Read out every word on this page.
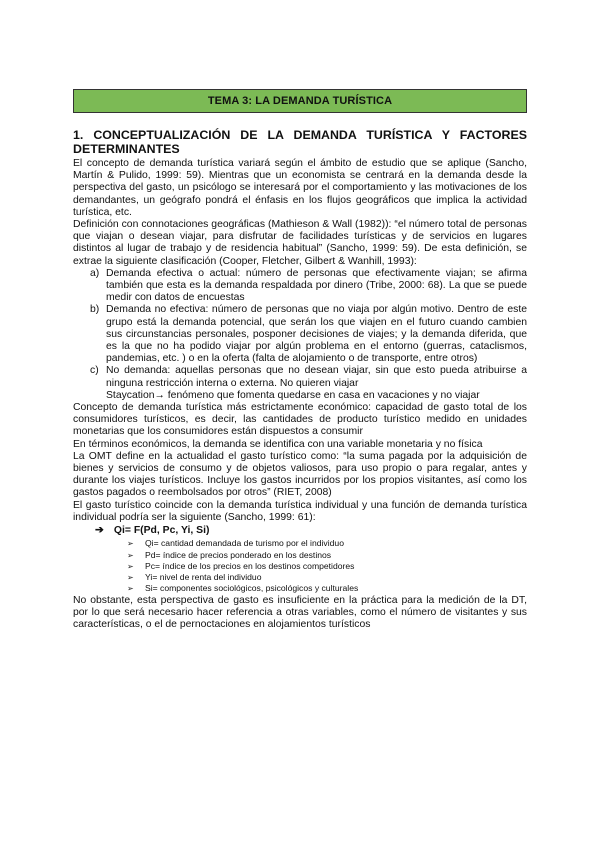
TEMA 3: LA DEMANDA TURÍSTICA
1. CONCEPTUALIZACIÓN DE LA DEMANDA TURÍSTICA Y FACTORES DETERMINANTES

El concepto de demanda turística variará según el ámbito de estudio que se aplique (Sancho, Martín & Pulido, 1999: 59). Mientras que un economista se centrará en la demanda desde la perspectiva del gasto, un psicólogo se interesará por el comportamiento y las motivaciones de los demandantes, un geógrafo pondrá el énfasis en los flujos geográficos que implica la actividad turística, etc.

Definición con connotaciones geográficas (Mathieson & Wall (1982)): “el número total de personas que viajan o desean viajar, para disfrutar de facilidades turísticas y de servicios en lugares distintos al lugar de trabajo y de residencia habitual” (Sancho, 1999: 59). De esta definición, se extrae la siguiente clasificación (Cooper, Fletcher, Gilbert & Wanhill, 1993):

a) Demanda efectiva o actual: número de personas que efectivamente viajan; se afirma también que esta es la demanda respaldada por dinero (Tribe, 2000: 68). La que se puede medir con datos de encuestas
b) Demanda no efectiva: número de personas que no viaja por algún motivo. Dentro de este grupo está la demanda potencial, que serán los que viajen en el futuro cuando cambien sus circunstancias personales, posponer decisiones de viajes; y la demanda diferida, que es la que no ha podido viajar por algún problema en el entorno (guerras, cataclismos, pandemias, etc. ) o en la oferta (falta de alojamiento o de transporte, entre otros)
c) No demanda: aquellas personas que no desean viajar, sin que esto pueda atribuirse a ninguna restricción interna o externa. No quieren viajar
Staycation→ fenómeno que fomenta quedarse en casa en vacaciones y no viajar

Concepto de demanda turística más estrictamente económico: capacidad de gasto total de los consumidores turísticos, es decir, las cantidades de producto turístico medido en unidades monetarias que los consumidores están dispuestos a consumir

En términos económicos, la demanda se identifica con una variable monetaria y no física

La OMT define en la actualidad el gasto turístico como: “la suma pagada por la adquisición de bienes y servicios de consumo y de objetos valiosos, para uso propio o para regalar, antes y durante los viajes turísticos. Incluye los gastos incurridos por los propios visitantes, así como los gastos pagados o reembolsados por otros” (RIET, 2008)

El gasto turístico coincide con la demanda turística individual y una función de demanda turística individual podría ser la siguiente (Sancho, 1999: 61):

➔ Qi= F(Pd, Pc, Yi, Si)
➢ Qi= cantidad demandada de turismo por el individuo
➢ Pd= índice de precios ponderado en los destinos
➢ Pc= índice de los precios en los destinos competidores
➢ Yi= nivel de renta del individuo
➢ Si= componentes sociológicos, psicológicos y culturales

No obstante, esta perspectiva de gasto es insuficiente en la práctica para la medición de la DT, por lo que será necesario hacer referencia a otras variables, como el número de visitantes y sus características, o el de pernoctaciones en alojamientos turísticos
